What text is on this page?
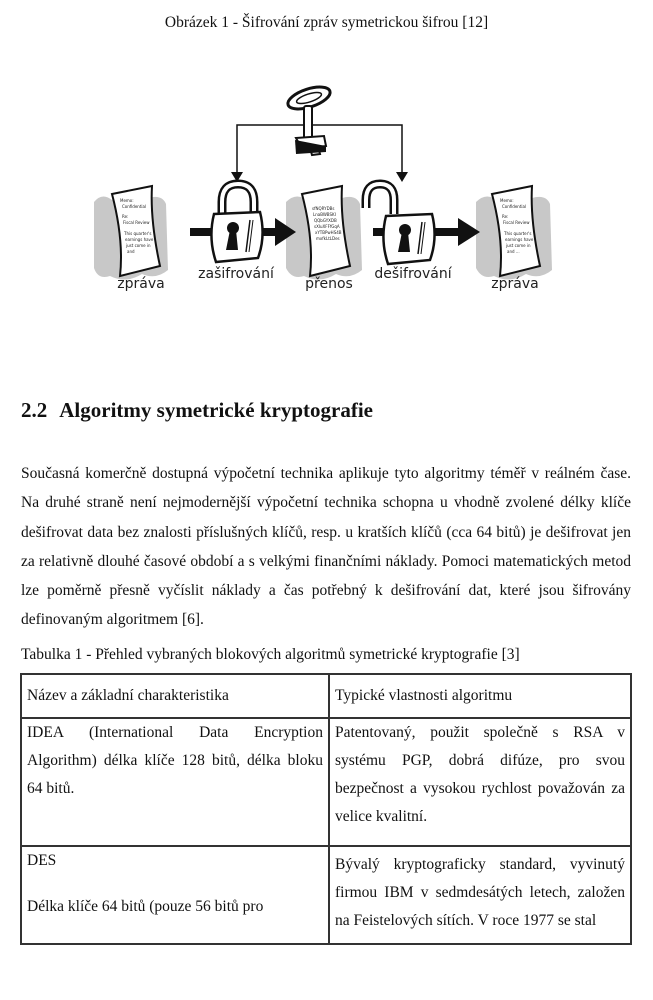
Obrázek 1 - Šifrování zpráv symetrickou šifrou [12]
Memo:
Confidential
Re:
Fiscal Review
This quarter's
earnings have
just come in
and
sfNQRYDBs
LnaBWBSKI
QQbGYXDB
sXIuXFFfGqA
xYTBPwHS4B
mxfkLtLDes
Memo:
Confidential
Re:
Fiscal Review
This quarter's
earnings have
just come in
and ...
zpráva
zašifrování
přenos
dešifrování
zpráva
2.2 Algoritmy symetrické kryptografie

Současná komerčně dostupná výpočetní technika aplikuje tyto algoritmy téměř v reálném čase. Na druhé straně není nejmodernější výpočetní technika schopna u vhodně zvolené délky klíče dešifrovat data bez znalosti příslušných klíčů, resp. u kratších klíčů (cca 64 bitů) je dešifrovat jen za relativně dlouhé časové období a s velkými finančními náklady. Pomoci matematických metod lze poměrně přesně vyčíslit náklady a čas potřebný k dešifrování dat, které jsou šifrovány definovaným algoritmem [6].

Tabulka 1 - Přehled vybraných blokových algoritmů symetrické kryptografie [3]
Název a základní charakteristika	Typické vlastnosti algoritmu

IDEA (International Data Encryption Algorithm) délka klíče 128 bitů, délka bloku 64 bitů.	Patentovaný, použit společně s RSA v systému PGP, dobrá difúze, pro svou bezpečnost a vysokou rychlost považován za velice kvalitní.

DES

Délka klíče 64 bitů (pouze 56 bitů pro	Bývalý kryptograficky standard, vyvinutý firmou IBM v sedmdesátých letech, založen na Feistelových sítích. V roce 1977 se stal
